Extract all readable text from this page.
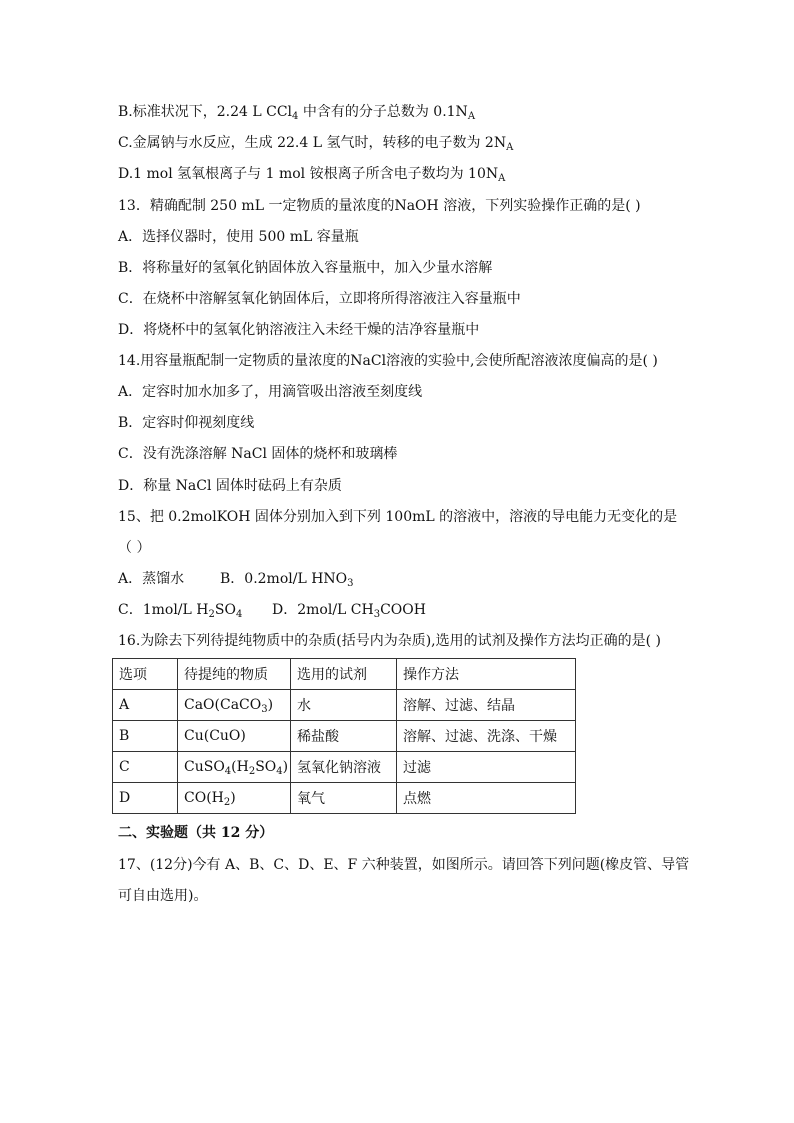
B.标准状况下，2.24 L CCl$_4$ 中含有的分子总数为 $0.1N_A$
C.金属钠与水反应，生成 22.4 L 氢气时，转移的电子数为 $2N_A$
D.1 mol 氢氧根离子与 1 mol 铵根离子所含电子数均为 $10N_A$
13．精确配制 250 mL 一定物质的量浓度的NaOH 溶液，下列实验操作正确的是( )
A．选择仪器时，使用 500 mL 容量瓶
B．将称量好的氢氧化钠固体放入容量瓶中，加入少量水溶解
C．在烧杯中溶解氢氧化钠固体后，立即将所得溶液注入容量瓶中
D．将烧杯中的氢氧化钠溶液注入未经干燥的洁净容量瓶中
14.用容量瓶配制一定物质的量浓度的NaCl溶液的实验中,会使所配溶液浓度偏高的是( )
A．定容时加水加多了，用滴管吸出溶液至刻度线
B．定容时仰视刻度线
C．没有洗涤溶解 NaCl 固体的烧杯和玻璃棒
D．称量 NaCl 固体时砝码上有杂质
15、把 0.2molKOH 固体分别加入到下列 100mL 的溶液中，溶液的导电能力无变化的是
（ ）
A．蒸馏水	B．0.2mol/L $HNO_3$
C．1mol/L $H_2SO_4$ D．2mol/L $CH_3COOH$
16.为除去下列待提纯物质中的杂质(括号内为杂质),选用的试剂及操作方法均正确的是( )
选项	待提纯的物质	选用的试剂	操作方法
A	CaO(CaCO$_3$)	水	溶解、过滤、结晶
B	Cu(CuO)	稀盐酸	溶解、过滤、洗涤、干燥
C	$CuSO_4(H_2SO_4)$	氢氧化钠溶液	过滤
D	$CO(H_2)$	氧气	点燃
二、实验题（共 12 分）
17、(12分)今有 A、B、C、D、E、F 六种装置，如图所示。请回答下列问题(橡皮管、导管
可自由选用)。
